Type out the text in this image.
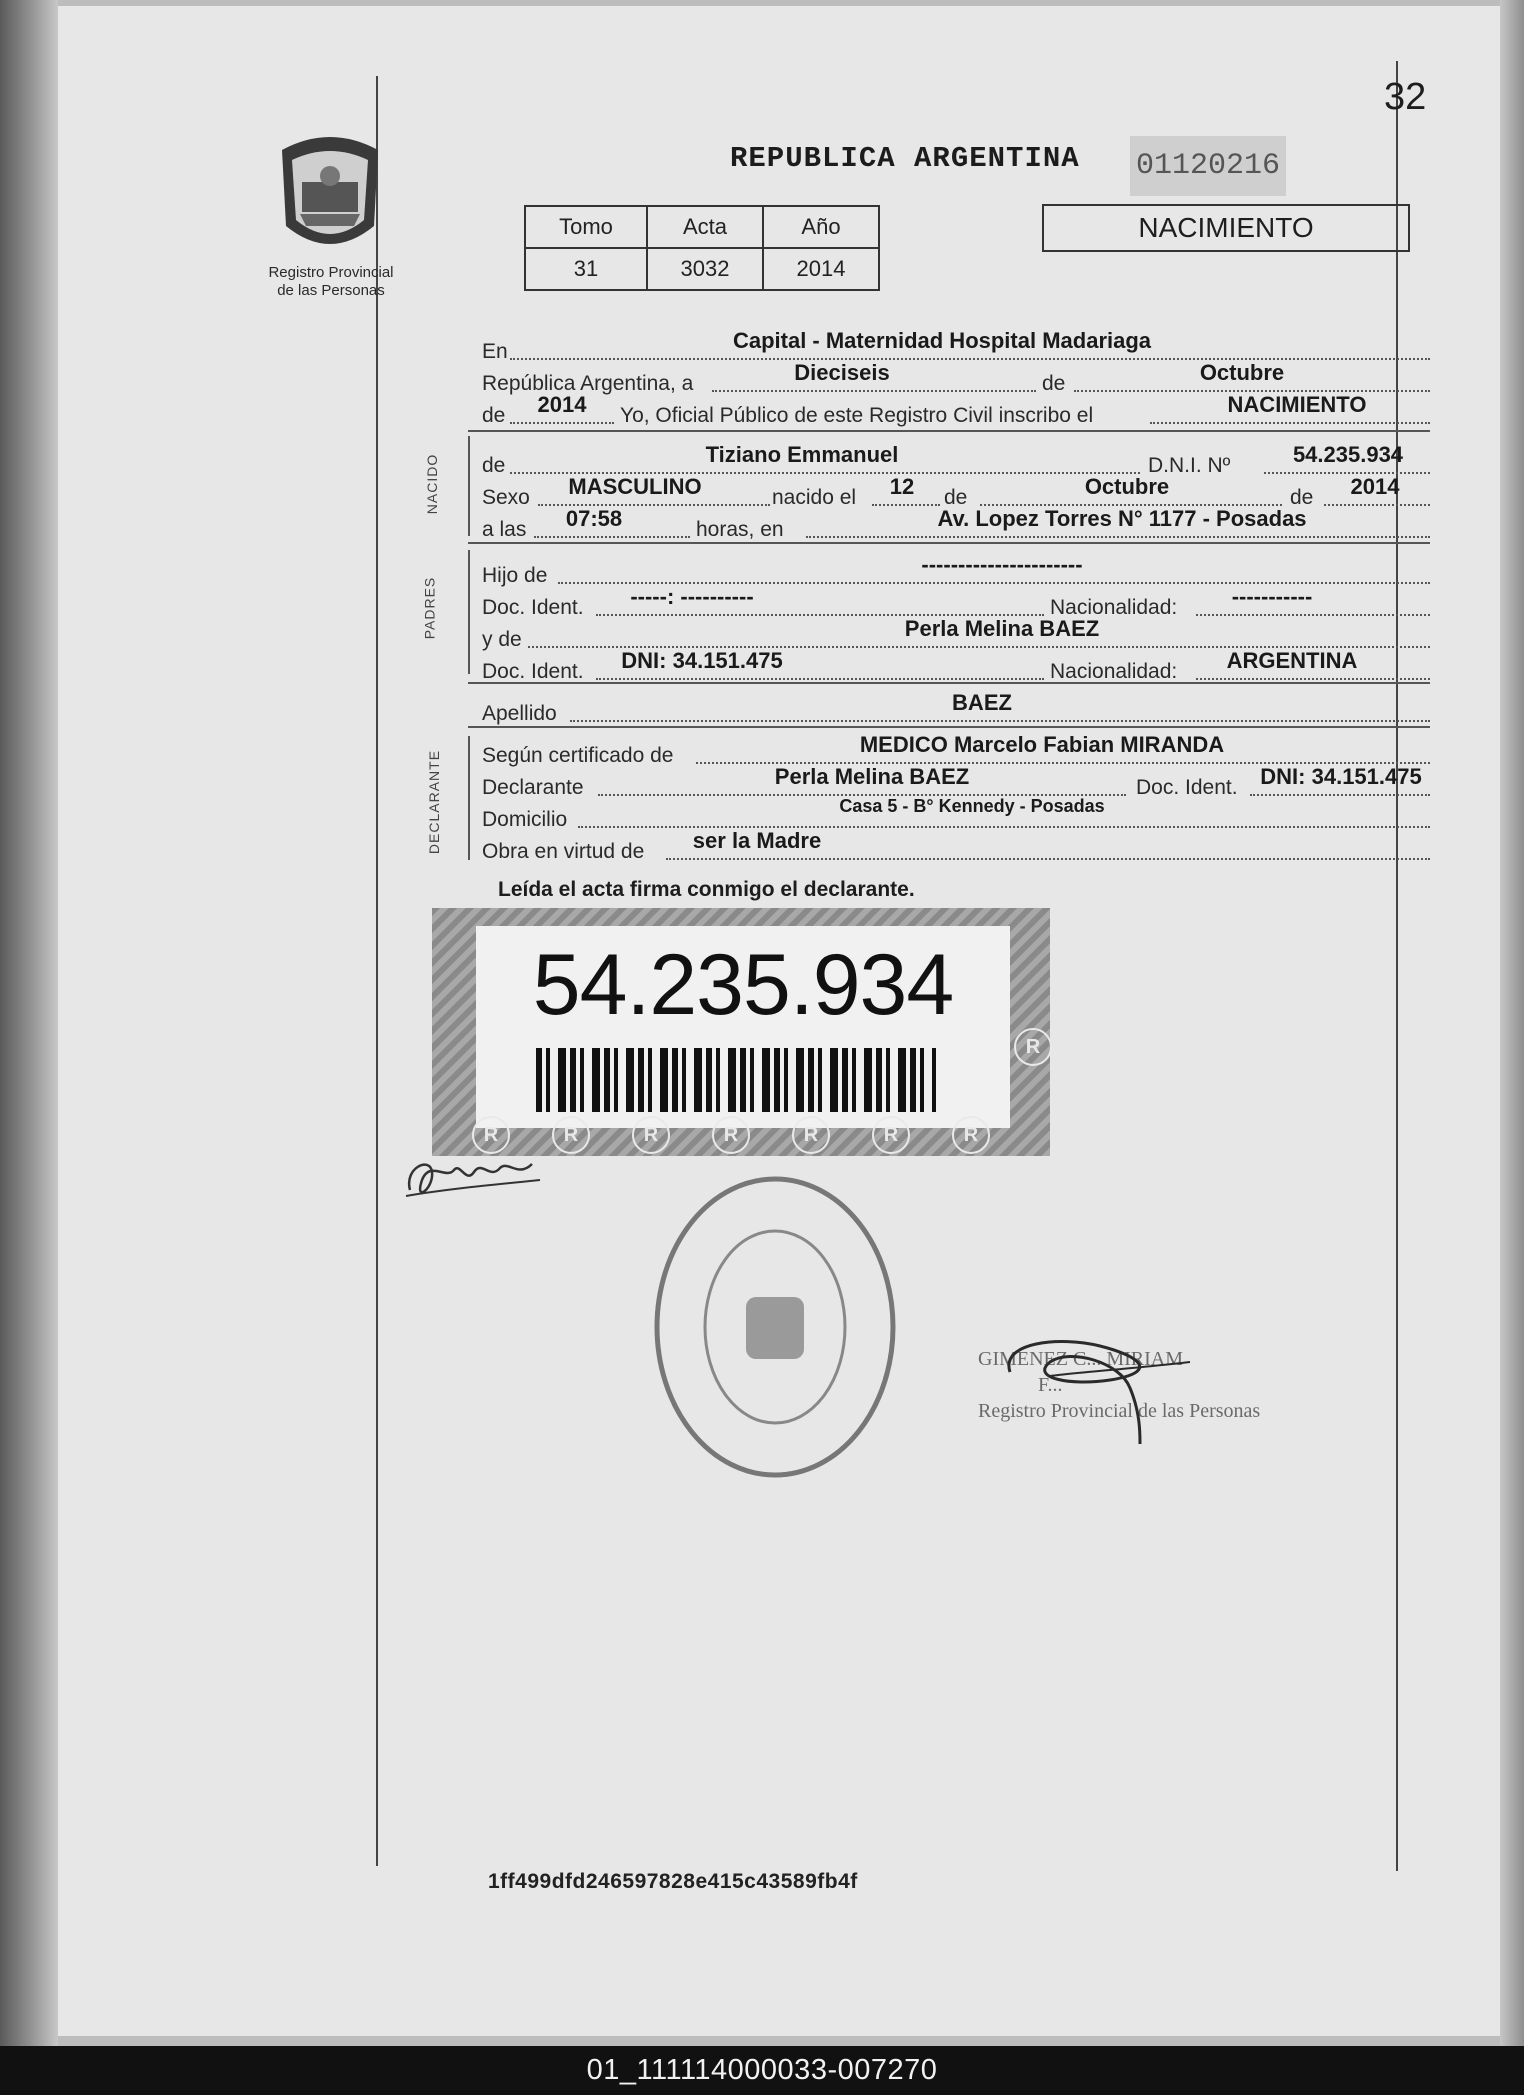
32
Registro Provincial
de las Personas
REPUBLICA ARGENTINA 01120216
Tomo	Acta	Año
31	3032	2014
NACIMIENTO
En	Capital - Maternidad Hospital Madariaga
República Argentina, a	Dieciseis	de	Octubre
de	2014	Yo, Oficial Público de este Registro Civil inscribo el	NACIMIENTO
NACIDO de	Tiziano Emmanuel	D.N.I. Nº	54.235.934
Sexo	MASCULINO	nacido el	12	de	Octubre	de	2014
a las	07:58	horas, en	Av. Lopez Torres N° 1177 - Posadas
PADRES
Hijo de	----------------------
Doc. Ident.	-----: ----------	Nacionalidad:	-----------
y de	Perla Melina BAEZ
Doc. Ident.	DNI: 34.151.475	Nacionalidad:	ARGENTINA
Apellido	BAEZ
DECLARANTE Según certificado de	MEDICO Marcelo Fabian MIRANDA
Declarante	Perla Melina BAEZ	Doc. Ident.	DNI: 34.151.475
Domicilio
Casa 5 - B° Kennedy - Posadas
Obra en virtud de	ser la Madre
Leída el acta firma conmigo el declarante.
54.235.934
R	R	R	R	R	R	R
R
GIMENEZ C... MIRIAM
F...
Registro Provincial de las Personas
1ff499dfd246597828e415c43589fb4f
01_111114000033-007270
